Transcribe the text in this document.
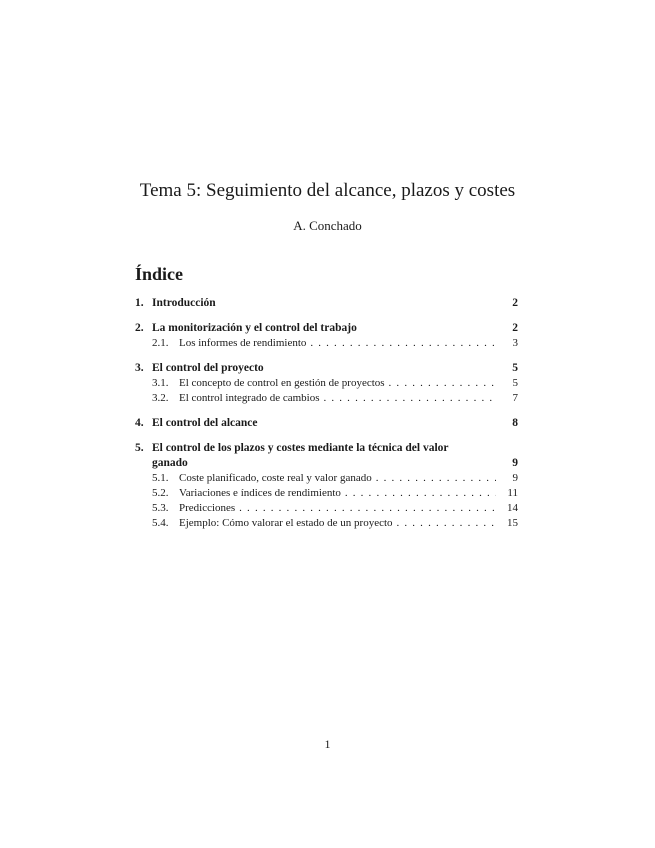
Tema 5: Seguimiento del alcance, plazos y costes
A. Conchado
Índice
1. Introducción	2
2. La monitorización y el control del trabajo	2
2.1. Los informes de rendimiento . . .	3
3. El control del proyecto	5
3.1. El concepto de control en gestión de proyectos . . .	5
3.2. El control integrado de cambios . . .	7
4. El control del alcance	8
5. El control de los plazos y costes mediante la técnica del valor ganado	9
5.1. Coste planificado, coste real y valor ganado . . .	9
5.2. Variaciones e índices de rendimiento . . .	11
5.3. Predicciones . . .	14
5.4. Ejemplo: Cómo valorar el estado de un proyecto . . .	15
1
